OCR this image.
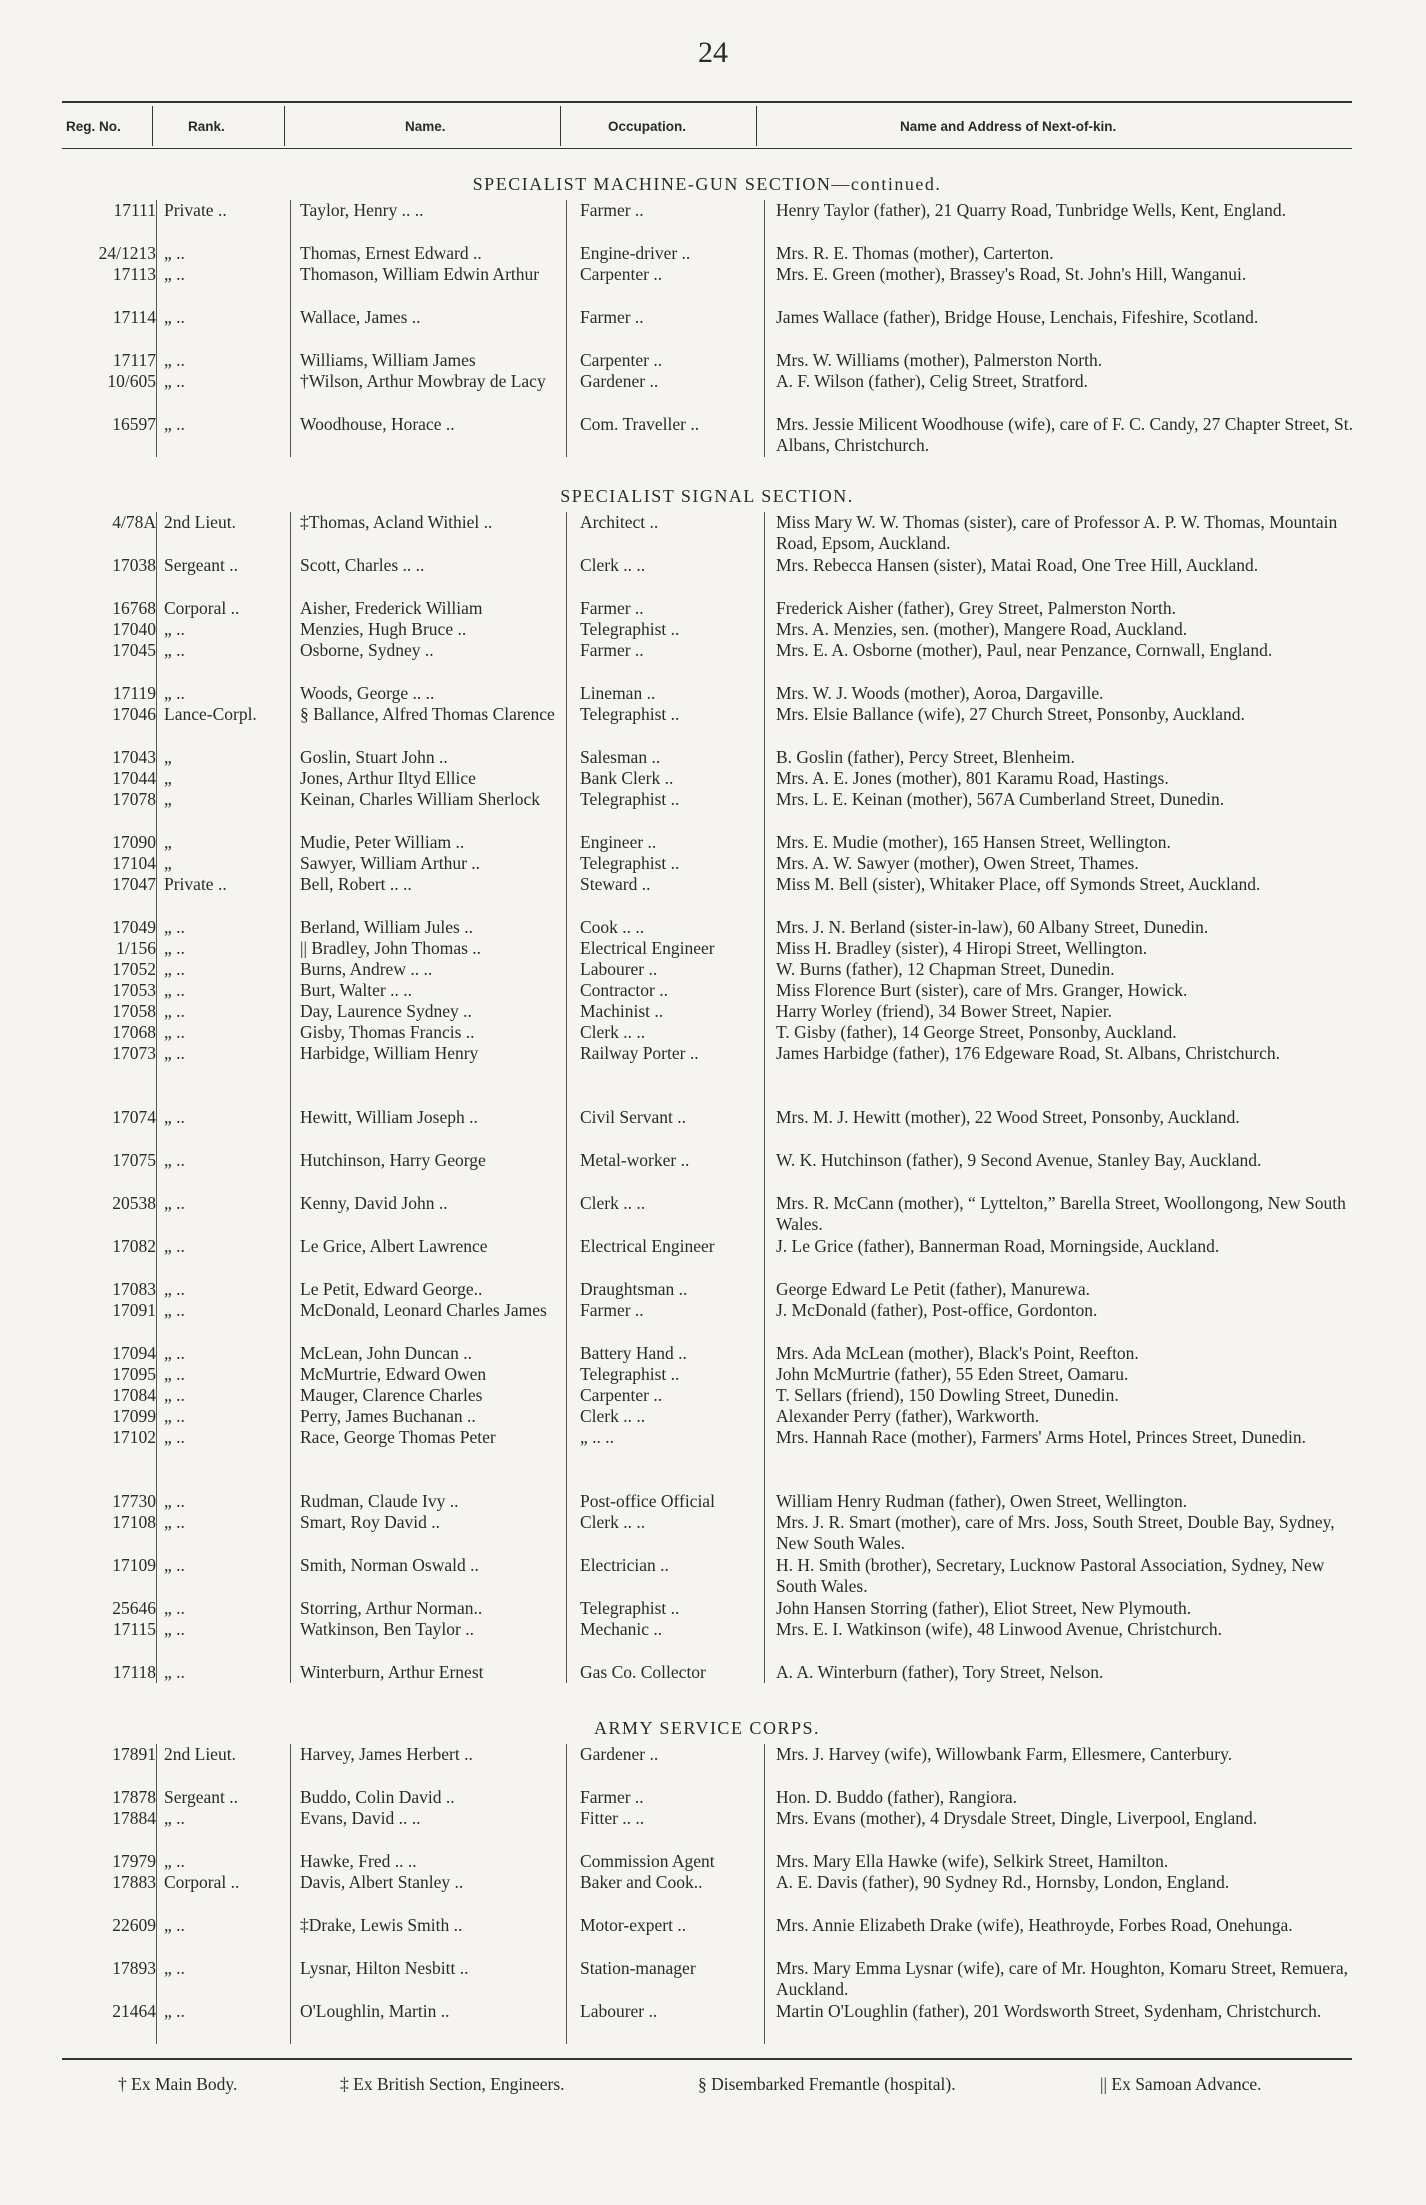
24
Reg. No.	Rank.	Name.	Occupation.	Name and Address of Next-of-kin.
SPECIALIST MACHINE-GUN SECTION—continued.
17111 Private ..	Taylor, Henry .. ..	Farmer ..	Henry Taylor (father), 21 Quarry Road, Tunbridge Wells, Kent, England.
24/1213 „ ..	Thomas, Ernest Edward ..	Engine-driver ..	Mrs. R. E. Thomas (mother), Carterton.
17113 „ ..	Thomason, William Edwin Arthur	Carpenter ..	Mrs. E. Green (mother), Brassey's Road, St. John's Hill, Wanganui.
17114 „ ..	Wallace, James ..	Farmer ..	James Wallace (father), Bridge House, Lenchais, Fifeshire, Scotland.
17117 „ ..	Williams, William James	Carpenter ..	Mrs. W. Williams (mother), Palmerston North.
10/605 „ ..	†Wilson, Arthur Mowbray de Lacy	Gardener ..	A. F. Wilson (father), Celig Street, Stratford.
16597 „ ..	Woodhouse, Horace ..	Com. Traveller ..	Mrs. Jessie Milicent Woodhouse (wife), care of F. C. Candy, 27 Chapter Street, St. Albans, Christchurch.
SPECIALIST SIGNAL SECTION.
4/78A 2nd Lieut.	‡Thomas, Acland Withiel ..	Architect ..	Miss Mary W. W. Thomas (sister), care of Professor A. P. W. Thomas, Mountain Road, Epsom, Auckland.
17038 Sergeant ..	Scott, Charles .. ..	Clerk .. ..	Mrs. Rebecca Hansen (sister), Matai Road, One Tree Hill, Auckland.
16768 Corporal ..	Aisher, Frederick William	Farmer ..	Frederick Aisher (father), Grey Street, Palmerston North.
17040 „ ..	Menzies, Hugh Bruce ..	Telegraphist ..	Mrs. A. Menzies, sen. (mother), Mangere Road, Auckland.
17045 „ ..	Osborne, Sydney ..	Farmer ..	Mrs. E. A. Osborne (mother), Paul, near Penzance, Cornwall, England.
17119 „ ..	Woods, George .. ..	Lineman ..	Mrs. W. J. Woods (mother), Aoroa, Dargaville.
17046 Lance-Corpl.	§ Ballance, Alfred Thomas Clarence	Telegraphist ..	Mrs. Elsie Ballance (wife), 27 Church Street, Ponsonby, Auckland.
17043 „	Goslin, Stuart John ..	Salesman ..	B. Goslin (father), Percy Street, Blenheim.
17044 „	Jones, Arthur Iltyd Ellice	Bank Clerk ..	Mrs. A. E. Jones (mother), 801 Karamu Road, Hastings.
17078 „	Keinan, Charles William Sherlock	Telegraphist ..	Mrs. L. E. Keinan (mother), 567A Cumberland Street, Dunedin.
17090 „	Mudie, Peter William ..	Engineer ..	Mrs. E. Mudie (mother), 165 Hansen Street, Wellington.
17104 „	Sawyer, William Arthur ..	Telegraphist ..	Mrs. A. W. Sawyer (mother), Owen Street, Thames.
17047 Private ..	Bell, Robert .. ..	Steward ..	Miss M. Bell (sister), Whitaker Place, off Symonds Street, Auckland.
17049 „ ..	Berland, William Jules ..	Cook .. ..	Mrs. J. N. Berland (sister-in-law), 60 Albany Street, Dunedin.
1/156 „ ..	|| Bradley, John Thomas ..	Electrical Engineer	Miss H. Bradley (sister), 4 Hiropi Street, Wellington.
17052 „ ..	Burns, Andrew .. ..	Labourer ..	W. Burns (father), 12 Chapman Street, Dunedin.
17053 „ ..	Burt, Walter .. ..	Contractor ..	Miss Florence Burt (sister), care of Mrs. Granger, Howick.
17058 „ ..	Day, Laurence Sydney ..	Machinist ..	Harry Worley (friend), 34 Bower Street, Napier.
17068 „ ..	Gisby, Thomas Francis ..	Clerk .. ..	T. Gisby (father), 14 George Street, Ponsonby, Auckland.
17073 „ ..	Harbidge, William Henry	Railway Porter ..	James Harbidge (father), 176 Edgeware Road, St. Albans, Christchurch.
17074 „ ..	Hewitt, William Joseph ..	Civil Servant ..	Mrs. M. J. Hewitt (mother), 22 Wood Street, Ponsonby, Auckland.
17075 „ ..	Hutchinson, Harry George	Metal-worker ..	W. K. Hutchinson (father), 9 Second Avenue, Stanley Bay, Auckland.
20538 „ ..	Kenny, David John ..	Clerk .. ..	Mrs. R. McCann (mother), “ Lyttelton,” Barella Street, Woollongong, New South Wales.
17082 „ ..	Le Grice, Albert Lawrence	Electrical Engineer	J. Le Grice (father), Bannerman Road, Morningside, Auckland.
17083 „ ..	Le Petit, Edward George..	Draughtsman ..	George Edward Le Petit (father), Manurewa.
17091 „ ..	McDonald, Leonard Charles James	Farmer ..	J. McDonald (father), Post-office, Gordonton.
17094 „ ..	McLean, John Duncan ..	Battery Hand ..	Mrs. Ada McLean (mother), Black's Point, Reefton.
17095 „ ..	McMurtrie, Edward Owen	Telegraphist ..	John McMurtrie (father), 55 Eden Street, Oamaru.
17084 „ ..	Mauger, Clarence Charles	Carpenter ..	T. Sellars (friend), 150 Dowling Street, Dunedin.
17099 „ ..	Perry, James Buchanan ..	Clerk .. ..	Alexander Perry (father), Warkworth.
17102 „ ..	Race, George Thomas Peter	„ .. ..	Mrs. Hannah Race (mother), Farmers' Arms Hotel, Princes Street, Dunedin.
17730 „ ..	Rudman, Claude Ivy ..	Post-office Official	William Henry Rudman (father), Owen Street, Wellington.
17108 „ ..	Smart, Roy David ..	Clerk .. ..	Mrs. J. R. Smart (mother), care of Mrs. Joss, South Street, Double Bay, Sydney, New South Wales.
17109 „ ..	Smith, Norman Oswald ..	Electrician ..	H. H. Smith (brother), Secretary, Lucknow Pastoral Association, Sydney, New South Wales.
25646 „ ..	Storring, Arthur Norman..	Telegraphist ..	John Hansen Storring (father), Eliot Street, New Plymouth.
17115 „ ..	Watkinson, Ben Taylor ..	Mechanic ..	Mrs. E. I. Watkinson (wife), 48 Linwood Avenue, Christchurch.
17118 „ ..	Winterburn, Arthur Ernest	Gas Co. Collector	A. A. Winterburn (father), Tory Street, Nelson.
ARMY SERVICE CORPS.
17891 2nd Lieut.	Harvey, James Herbert ..	Gardener ..	Mrs. J. Harvey (wife), Willowbank Farm, Ellesmere, Canterbury.
17878 Sergeant ..	Buddo, Colin David ..	Farmer ..	Hon. D. Buddo (father), Rangiora.
17884 „ ..	Evans, David .. ..	Fitter .. ..	Mrs. Evans (mother), 4 Drysdale Street, Dingle, Liverpool, England.
17979 „ ..	Hawke, Fred .. ..	Commission Agent	Mrs. Mary Ella Hawke (wife), Selkirk Street, Hamilton.
17883 Corporal ..	Davis, Albert Stanley ..	Baker and Cook..	A. E. Davis (father), 90 Sydney Rd., Hornsby, London, England.
22609 „ ..	‡Drake, Lewis Smith ..	Motor-expert ..	Mrs. Annie Elizabeth Drake (wife), Heathroyde, Forbes Road, Onehunga.
17893 „ ..	Lysnar, Hilton Nesbitt ..	Station-manager	Mrs. Mary Emma Lysnar (wife), care of Mr. Houghton, Komaru Street, Remuera, Auckland.
21464 „ ..	O'Loughlin, Martin ..	Labourer ..	Martin O'Loughlin (father), 201 Wordsworth Street, Sydenham, Christchurch.
† Ex Main Body.	‡ Ex British Section, Engineers.	§ Disembarked Fremantle (hospital).	|| Ex Samoan Advance.
